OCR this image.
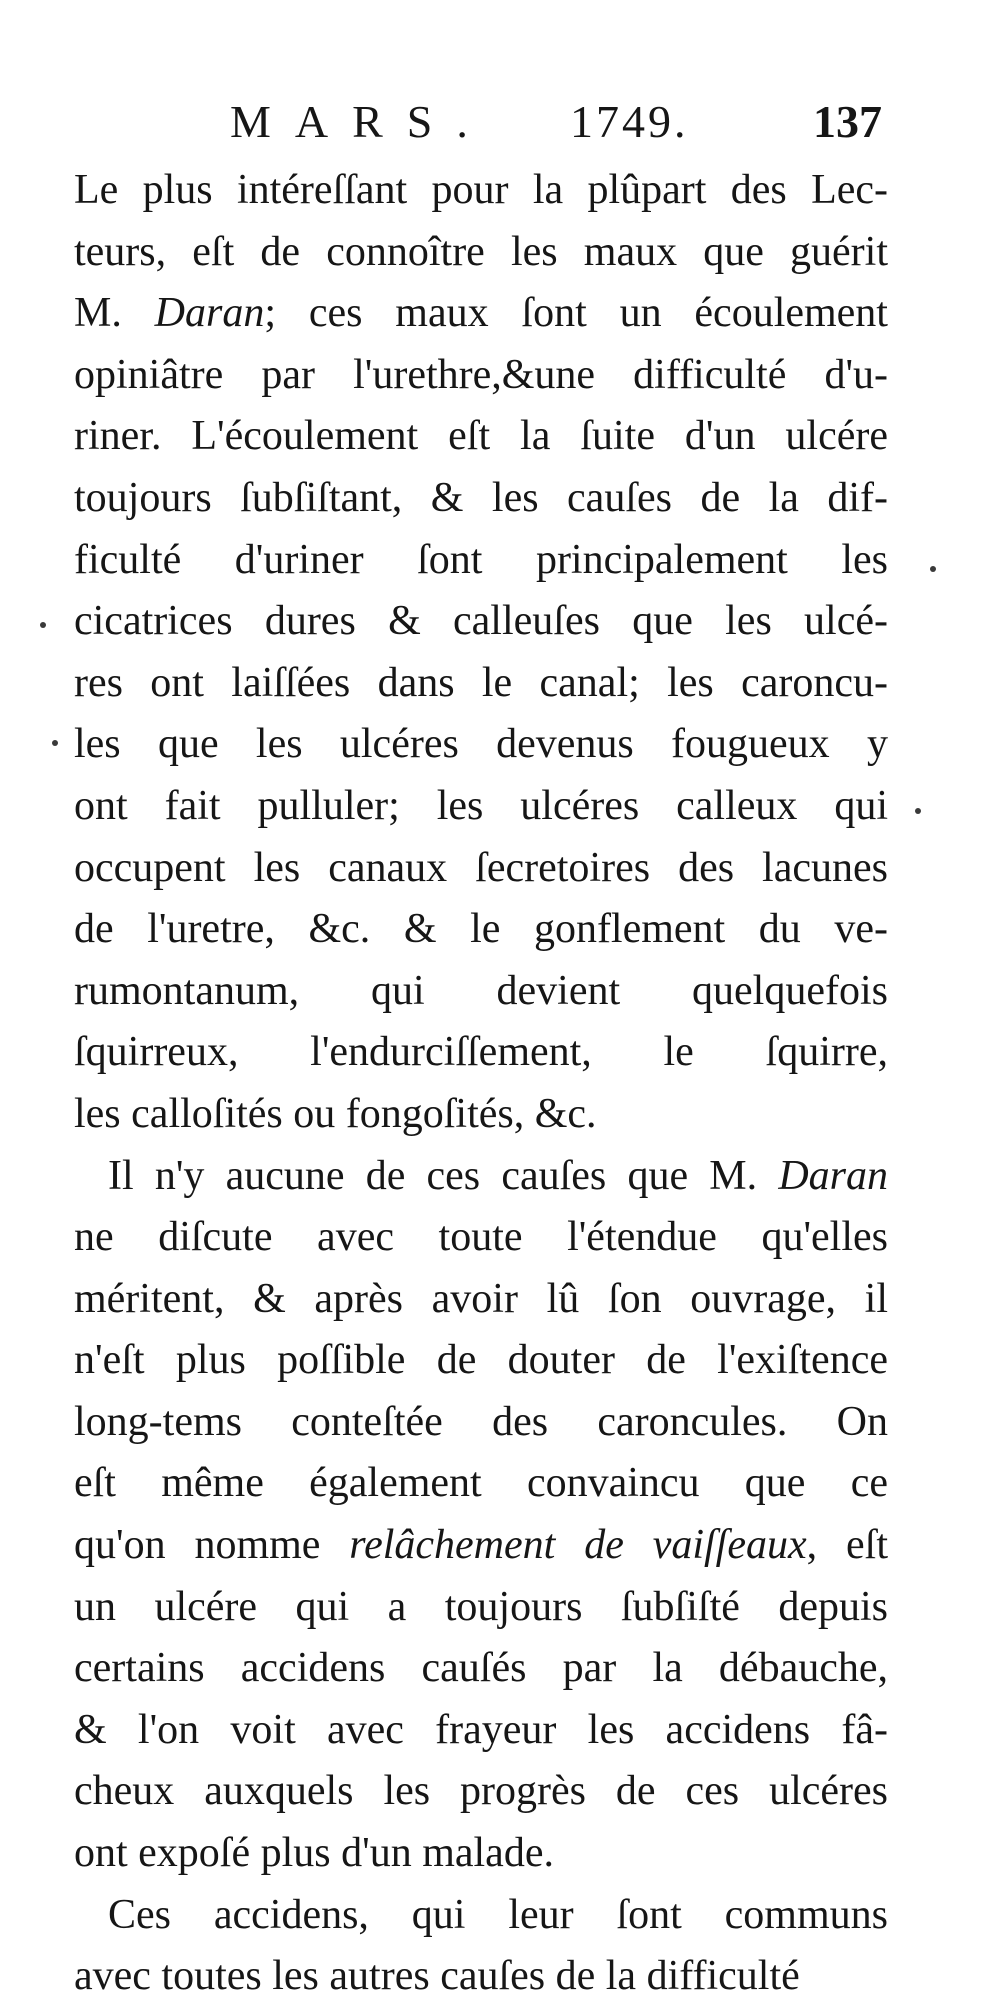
MARS. 1749.	137
Le plus intéreſſant pour la plûpart des Lec-
teurs, eſt de connoître les maux que guérit
M. Daran; ces maux ſont un écoulement
opiniâtre par l'urethre,&une difficulté d'u-
riner. L'écoulement eſt la ſuite d'un ulcére
toujours ſubſiſtant, & les cauſes de la dif-
ficulté d'uriner ſont principalement les
cicatrices dures & calleuſes que les ulcé-
res ont laiſſées dans le canal; les caroncu-
les que les ulcéres devenus fougueux y
ont fait pulluler; les ulcéres calleux qui
occupent les canaux ſecretoires des lacunes
de l'uretre, &c. & le gonflement du ve-
rumontanum, qui devient quelquefois
ſquirreux, l'endurciſſement, le ſquirre,
les calloſités ou fongoſités, &c.
Il n'y aucune de ces cauſes que M. Daran
ne diſcute avec toute l'étendue qu'elles
méritent, & après avoir lû ſon ouvrage, il
n'eſt plus poſſible de douter de l'exiſtence
long-tems conteſtée des caroncules. On
eſt même également convaincu que ce
qu'on nomme relâchement de vaiſſeaux, eſt
un ulcére qui a toujours ſubſiſté depuis
certains accidens cauſés par la débauche,
& l'on voit avec frayeur les accidens fâ-
cheux auxquels les progrès de ces ulcéres
ont expoſé plus d'un malade.
Ces accidens, qui leur ſont communs
avec toutes les autres cauſes de la difficulté
